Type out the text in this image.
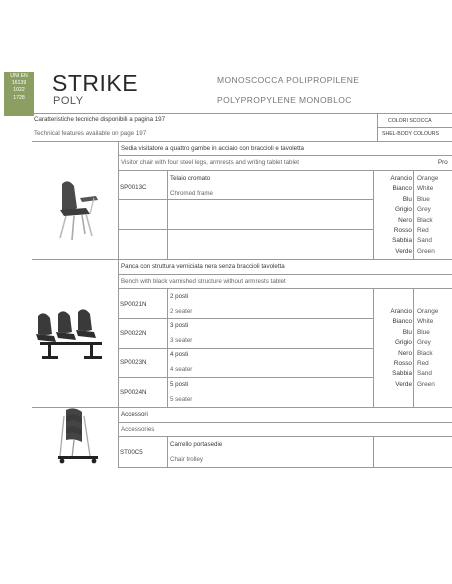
UNI EN
16139
1022
1728
STRIKE
POLY
MONOSCOCCA POLIPROPILENE
POLYPROPYLENE MONOBLOC
Caratteristiche tecniche disponibili a pagina 197
Technical features available on page 197
COLORI SCOCCA
SHEL-BODY COLOURS
Sedia visitatore a quattro gambe in acciaio con braccioli e tavoletta
Visitor chair with four steel legs, armrests and writing tablet tablet	Pro
SP0013C
Telaio cromato
Chromed frame
Arancio
Bianco
Blu
Grigio
Nero
Rosso
Sabbia
Verde
Orange
White
Blue
Grey
Black
Red
Sand
Green
Panca con struttura verniciata nera senza braccioli tavoletta
Bench with black varnished structure without armrests tablet
SP0021N
2 posti
2 seater
SP0022N
3 posti
3 seater
SP0023N
4 posti
4 seater
SP0024N
5 posti
5 seater
Arancio
Bianco
Blu
Grigio
Nero
Rosso
Sabbia
Verde
Orange
White
Blue
Grey
Black
Red
Sand
Green
Accessori
Accessories
ST00C5
Carrello portasedie
Chair trolley
